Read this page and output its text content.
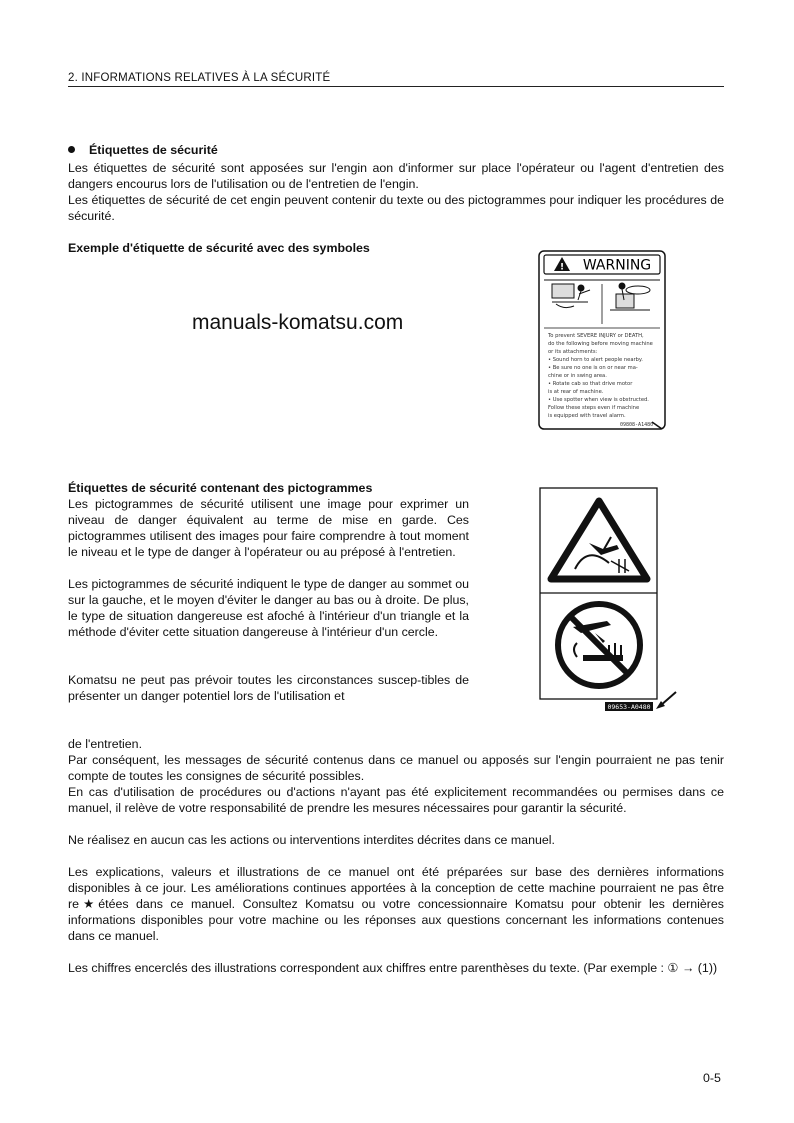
2. INFORMATIONS RELATIVES À LA SÉCURITÉ
Étiquettes de sécurité

Les étiquettes de sécurité sont apposées sur l'engin aon d'informer sur place l'opérateur ou l'agent d'entretien des dangers encourus lors de l'utilisation ou de l'entretien de l'engin.

Les étiquettes de sécurité de cet engin peuvent contenir du texte ou des pictogrammes pour indiquer les procédures de sécurité.

Exemple d'étiquette de sécurité avec des symboles
manuals-komatsu.com
! WARNING
To prevent SEVERE INJURY or DEATH,
do the following before moving machine
or its attachments:
• Sound horn to alert people nearby.
• Be sure no one is on or near ma-
chine or in swing area.
• Rotate cab so that drive motor
is at rear of machine.
• Use spotter when view is obstructed.
Follow these steps even if machine
is equipped with travel alarm.
09808-A1480
Étiquettes de sécurité contenant des pictogrammes

Les pictogrammes de sécurité utilisent une image pour exprimer un niveau de danger équivalent au terme de mise en garde. Ces pictogrammes utilisent des images pour faire comprendre à tout moment le niveau et le type de danger à l'opérateur ou au préposé à l'entretien.

Les pictogrammes de sécurité indiquent le type de danger au sommet ou sur la gauche, et le moyen d'éviter le danger au bas ou à droite. De plus, le type de situation dangereuse est afoché à l'intérieur d'un triangle et la méthode d'éviter cette situation dangereuse à l'intérieur d'un cercle.

Komatsu ne peut pas prévoir toutes les circonstances suscep-tibles de présenter un danger potentiel lors de l'utilisation et

09653-A0480

de l'entretien.

Par conséquent, les messages de sécurité contenus dans ce manuel ou apposés sur l'engin pourraient ne pas tenir compte de toutes les consignes de sécurité possibles.

En cas d'utilisation de procédures ou d'actions n'ayant pas été explicitement recommandées ou permises dans ce manuel, il relève de votre responsabilité de prendre les mesures nécessaires pour garantir la sécurité.

Ne réalisez en aucun cas les actions ou interventions interdites décrites dans ce manuel.

Les explications, valeurs et illustrations de ce manuel ont été préparées sur base des dernières informations disponibles à ce jour. Les améliorations continues apportées à la conception de cette machine pourraient ne pas être re★étées dans ce manuel. Consultez Komatsu ou votre concessionnaire Komatsu pour obtenir les dernières informations disponibles pour votre machine ou les réponses aux questions concernant les informations contenues dans ce manuel.

Les chiffres encerclés des illustrations correspondent aux chiffres entre parenthèses du texte. (Par exemple : ① → (1))

0-5
